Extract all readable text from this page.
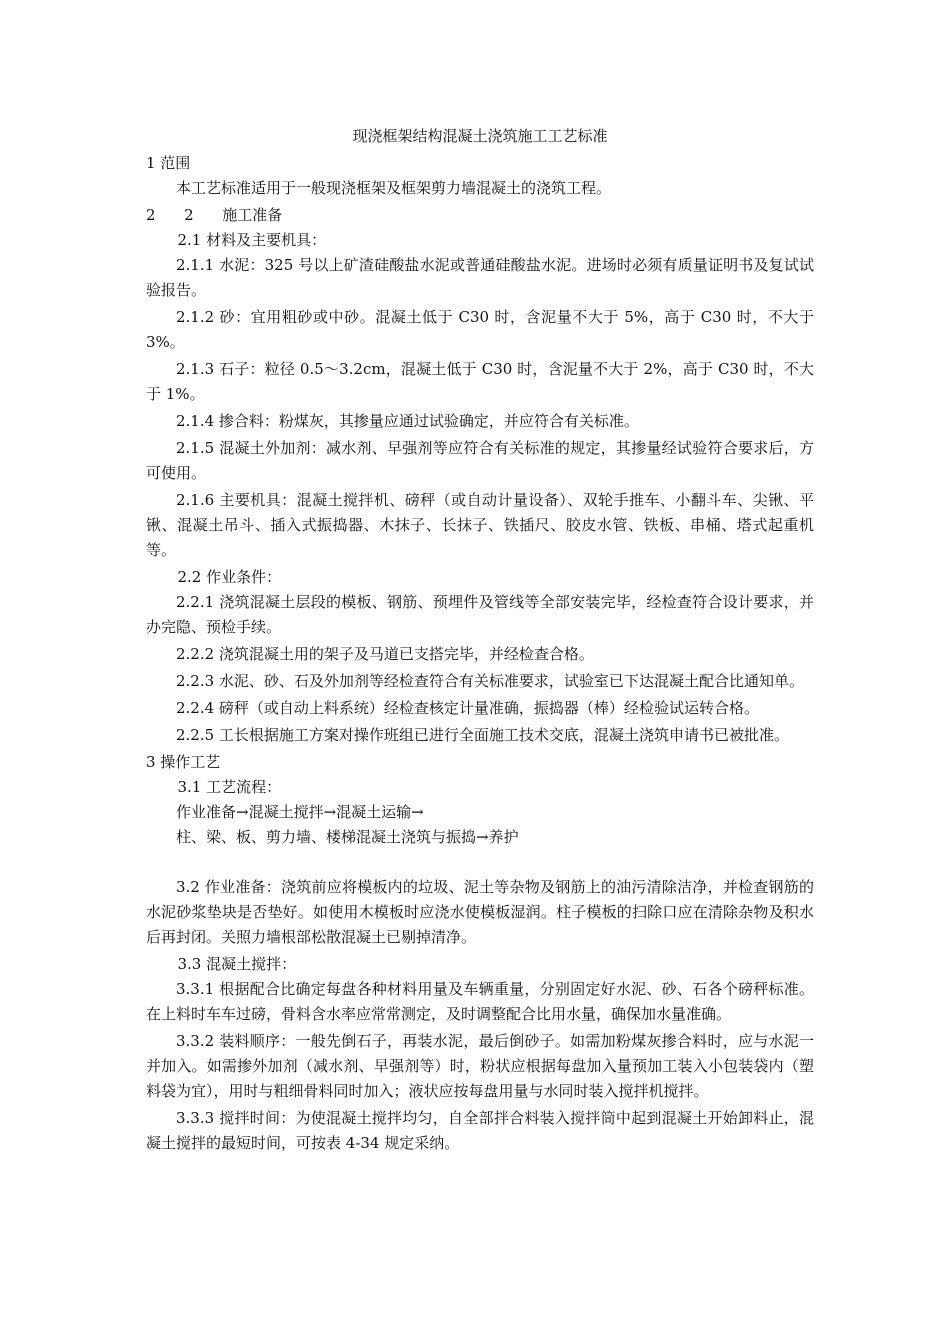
现浇框架结构混凝土浇筑施工工艺标准
1 范围
本工艺标准适用于一般现浇框架及框架剪力墙混凝土的浇筑工程。
2      2      施工准备
2.1 材料及主要机具：
2.1.1 水泥：325 号以上矿渣硅酸盐水泥或普通硅酸盐水泥。进场时必须有质量证明书及复试试验报告。
2.1.2 砂：宜用粗砂或中砂。混凝土低于 C30 时，含泥量不大于 5%，高于 C30 时，不大于 3%。
2.1.3 石子：粒径 0.5～3.2cm，混凝土低于 C30 时，含泥量不大于 2%，高于 C30 时，不大于 1%。
2.1.4 掺合料：粉煤灰，其掺量应通过试验确定，并应符合有关标准。
2.1.5 混凝土外加剂：减水剂、早强剂等应符合有关标准的规定，其掺量经试验符合要求后，方可使用。
2.1.6 主要机具：混凝土搅拌机、磅秤（或自动计量设备）、双轮手推车、小翻斗车、尖锹、平锹、混凝土吊斗、插入式振捣器、木抹子、长抹子、铁插尺、胶皮水管、铁板、串桶、塔式起重机等。
2.2 作业条件：
2.2.1 浇筑混凝土层段的模板、钢筋、预埋件及管线等全部安装完毕，经检查符合设计要求，并办完隐、预检手续。
2.2.2 浇筑混凝土用的架子及马道已支搭完毕，并经检查合格。
2.2.3 水泥、砂、石及外加剂等经检查符合有关标准要求，试验室已下达混凝土配合比通知单。
2.2.4 磅秤（或自动上料系统）经检查核定计量准确，振捣器（棒）经检验试运转合格。
2.2.5 工长根据施工方案对操作班组已进行全面施工技术交底，混凝土浇筑申请书已被批准。
3 操作工艺
3.1 工艺流程：
作业准备→混凝土搅拌→混凝土运输→
柱、梁、板、剪力墙、楼梯混凝土浇筑与振捣→养护
3.2 作业准备：浇筑前应将模板内的垃圾、泥土等杂物及钢筋上的油污清除洁净，并检查钢筋的水泥砂浆垫块是否垫好。如使用木模板时应浇水使模板湿润。柱子模板的扫除口应在清除杂物及积水后再封闭。关照力墙根部松散混凝土已剔掉清净。
3.3 混凝土搅拌：
3.3.1 根据配合比确定每盘各种材料用量及车辆重量，分别固定好水泥、砂、石各个磅秤标准。在上料时车车过磅，骨料含水率应常常测定，及时调整配合比用水量，确保加水量准确。
3.3.2 装料顺序：一般先倒石子，再装水泥，最后倒砂子。如需加粉煤灰掺合料时，应与水泥一并加入。如需掺外加剂（减水剂、早强剂等）时，粉状应根据每盘加入量预加工装入小包装袋内（塑料袋为宜），用时与粗细骨料同时加入；液状应按每盘用量与水同时装入搅拌机搅拌。
3.3.3 搅拌时间：为使混凝土搅拌均匀，自全部拌合料装入搅拌筒中起到混凝土开始卸料止，混凝土搅拌的最短时间，可按表 4-34 规定采纳。
